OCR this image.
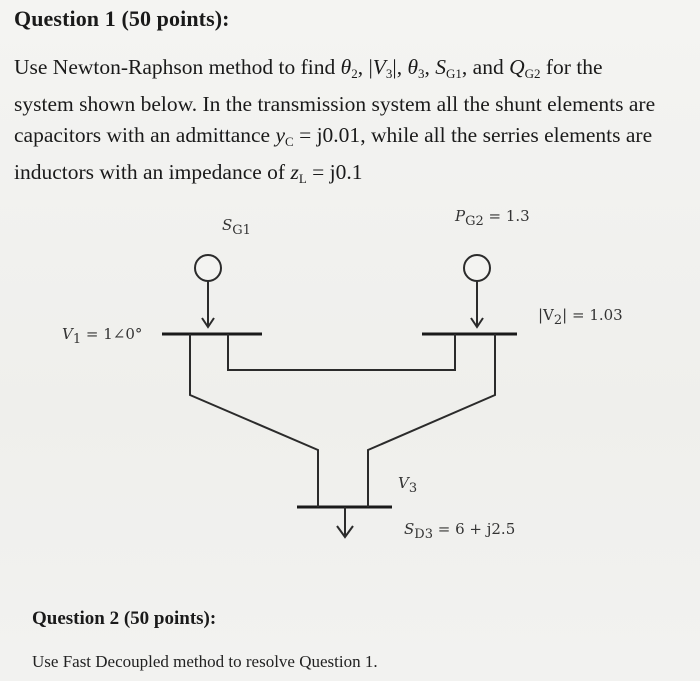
Question 1 (50 points):
Use Newton-Raphson method to find $\theta_2$, $|V_3|$, $\theta_3$, $S_{G1}$, and $Q_{G2}$ for the
system shown below. In the transmission system all the shunt elements are
capacitors with an admittance $y_C = j0.01$, while all the serries elements are
inductors with an impedance of $z_L = j0.1$
$S_{G1}$
$P_{G2} = 1.3$
$V_1$ = 1∠0°
$|V_2| = 1.03$
$V_3$
$S_{D3} = 6 + j2.5$
Question 2 (50 points):
Use Fast Decoupled method to resolve Question 1.
